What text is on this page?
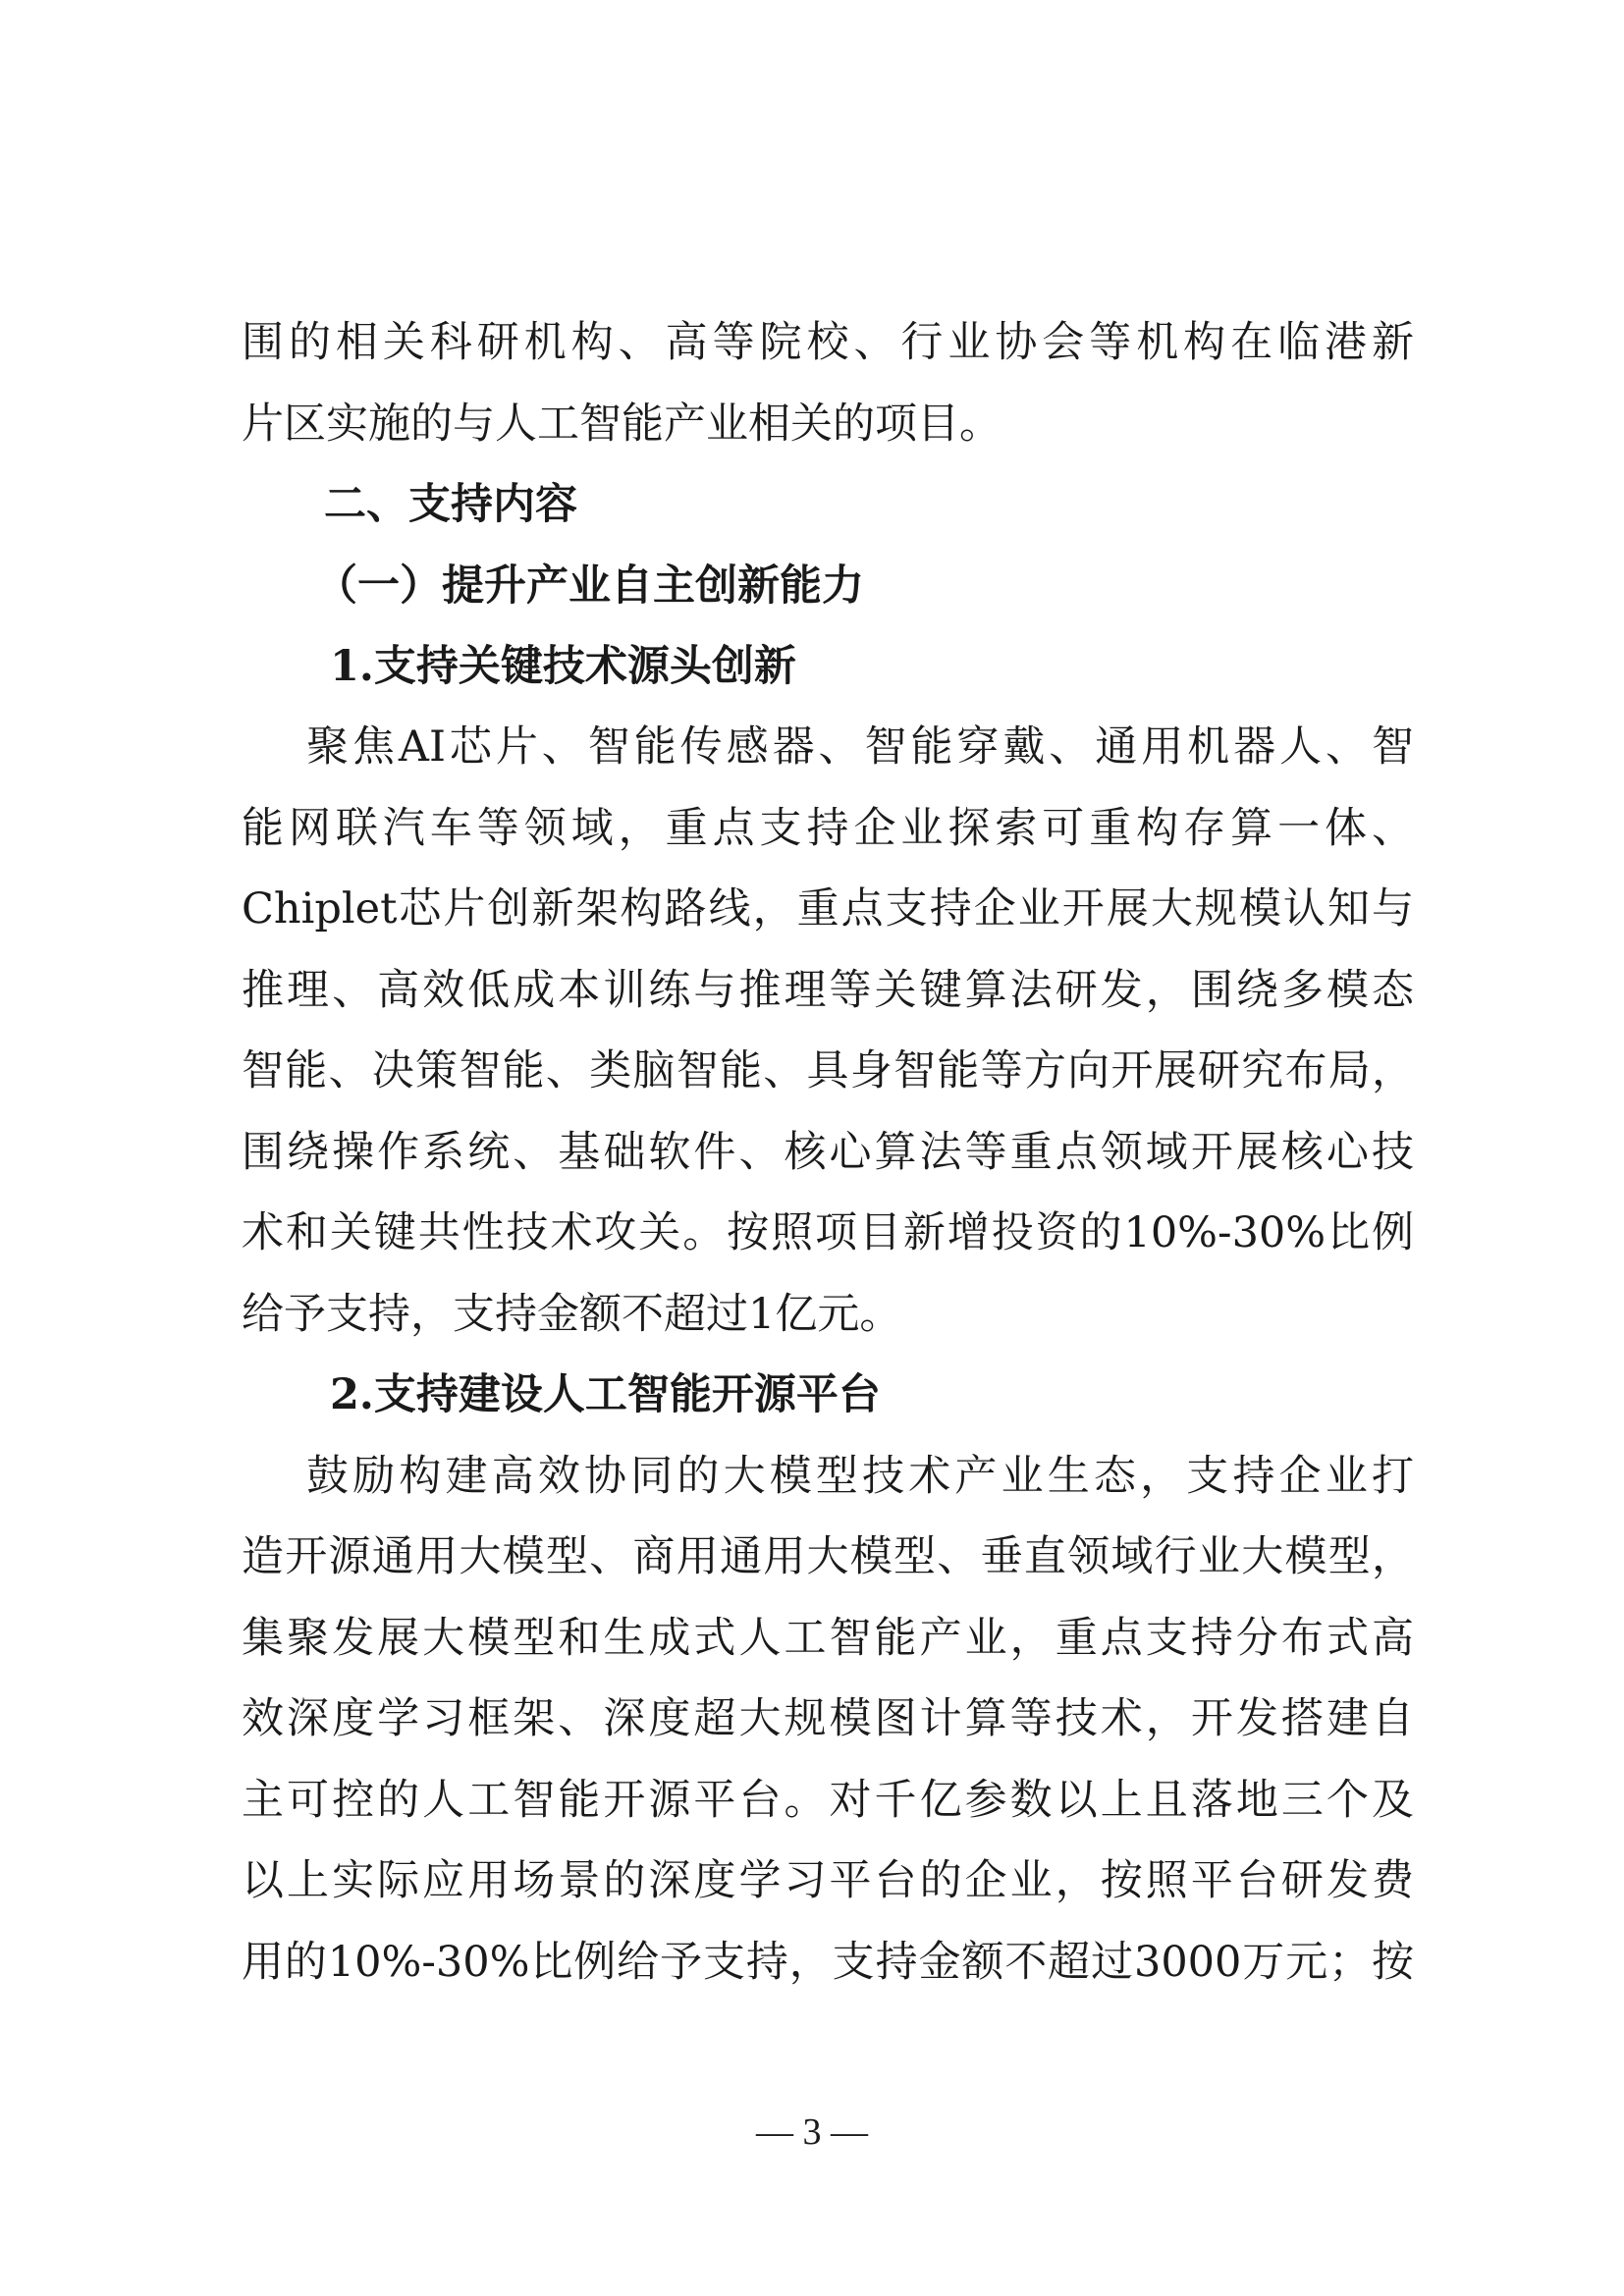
围的相关科研机构、高等院校、行业协会等机构在临港新

片区实施的与人工智能产业相关的项目。

二、支持内容

（一）提升产业自主创新能力

1.支持关键技术源头创新

聚焦AI芯片、智能传感器、智能穿戴、通用机器人、智

能网联汽车等领域，重点支持企业探索可重构存算一体、

Chiplet芯片创新架构路线，重点支持企业开展大规模认知与

推理、高效低成本训练与推理等关键算法研发，围绕多模态

智能、决策智能、类脑智能、具身智能等方向开展研究布局，

围绕操作系统、基础软件、核心算法等重点领域开展核心技

术和关键共性技术攻关。按照项目新增投资的10%-30%比例

给予支持，支持金额不超过1亿元。

2.支持建设人工智能开源平台

鼓励构建高效协同的大模型技术产业生态，支持企业打

造开源通用大模型、商用通用大模型、垂直领域行业大模型，

集聚发展大模型和生成式人工智能产业，重点支持分布式高

效深度学习框架、深度超大规模图计算等技术，开发搭建自

主可控的人工智能开源平台。对千亿参数以上且落地三个及

以上实际应用场景的深度学习平台的企业，按照平台研发费

用的10%-30%比例给予支持，支持金额不超过3000万元；按

— 3 —
